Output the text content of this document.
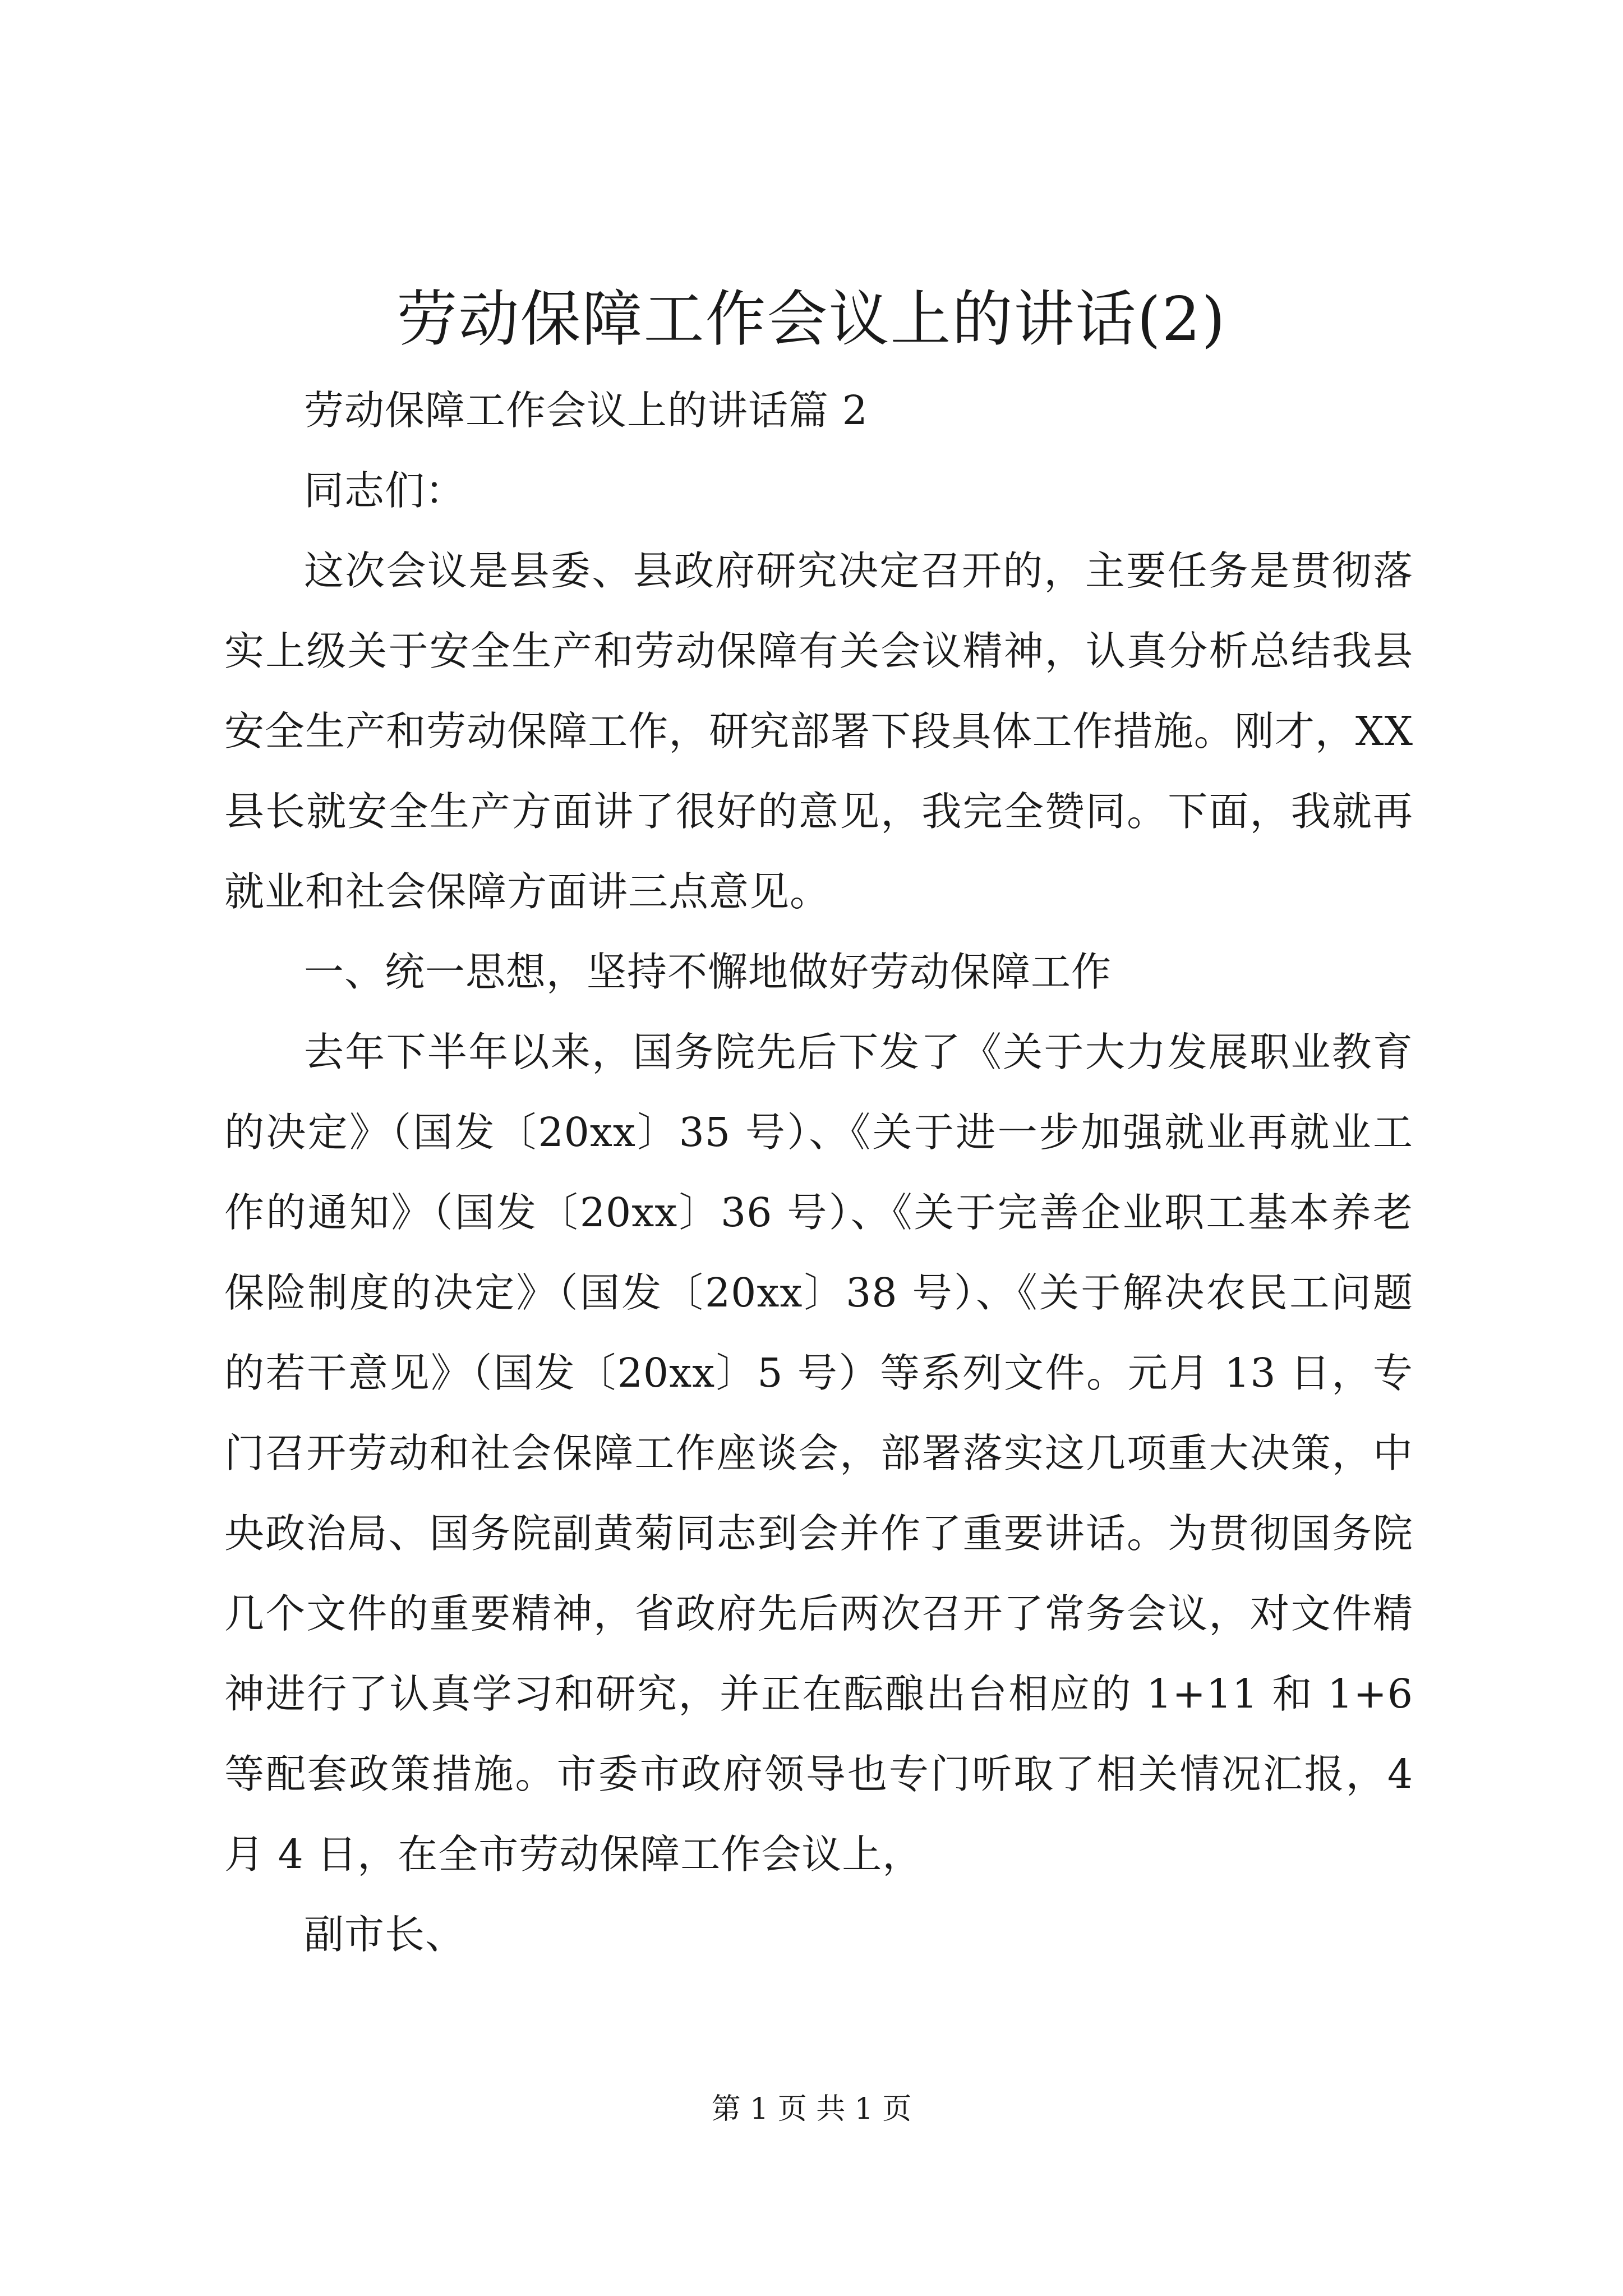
劳动保障工作会议上的讲话(2)

劳动保障工作会议上的讲话篇 2

同志们：

这次会议是县委、县政府研究决定召开的，主要任务是贯彻落实上级关于安全生产和劳动保障有关会议精神，认真分析总结我县安全生产和劳动保障工作，研究部署下段具体工作措施。刚才，XX 县长就安全生产方面讲了很好的意见，我完全赞同。下面，我就再就业和社会保障方面讲三点意见。

一、统一思想，坚持不懈地做好劳动保障工作

去年下半年以来，国务院先后下发了《关于大力发展职业教育的决定》（国发〔20xx〕35 号）、《关于进一步加强就业再就业工作的通知》（国发〔20xx〕36 号）、《关于完善企业职工基本养老保险制度的决定》（国发〔20xx〕38 号）、《关于解决农民工问题的若干意见》（国发〔20xx〕5 号）等系列文件。元月 13 日，专门召开劳动和社会保障工作座谈会，部署落实这几项重大决策，中央政治局、国务院副黄菊同志到会并作了重要讲话。为贯彻国务院几个文件的重要精神，省政府先后两次召开了常务会议，对文件精神进行了认真学习和研究，并正在酝酿出台相应的 1+11 和 1+6 等配套政策措施。市委市政府领导也专门听取了相关情况汇报，4 月 4 日，在全市劳动保障工作会议上，

副市长、

第 1 页 共 1 页
